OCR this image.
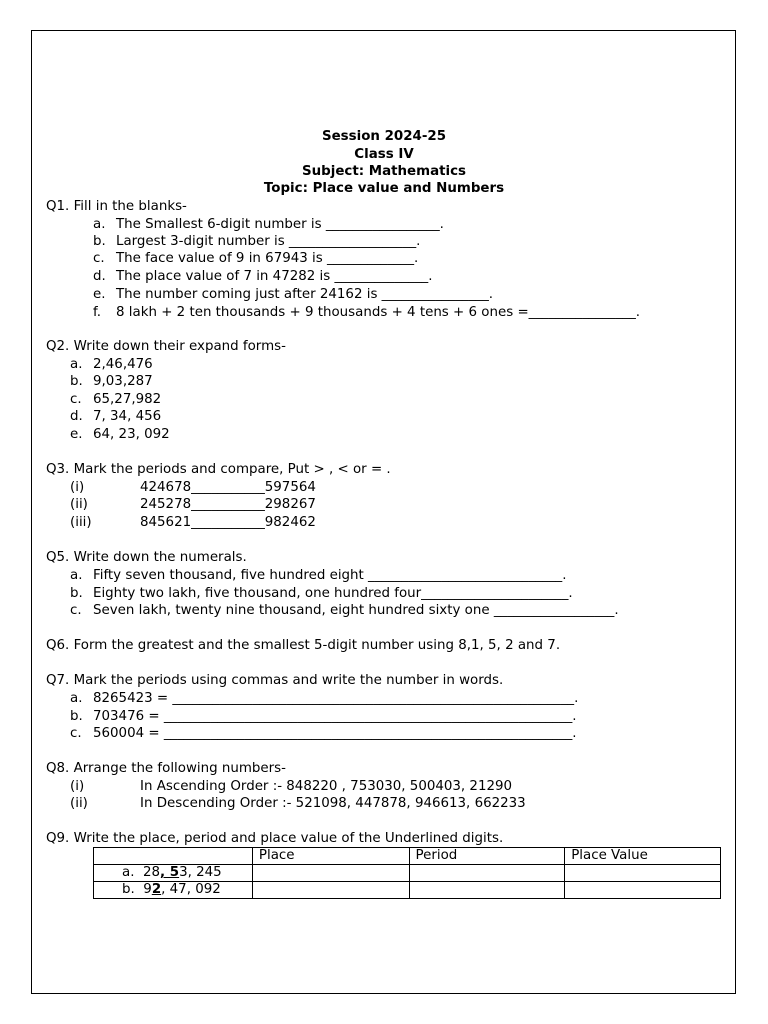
Session 2024-25
Class IV
Subject: Mathematics
Topic: Place value and Numbers
Q1. Fill in the blanks-
a. The Smallest 6-digit number is _________________.
b. Largest 3-digit number is ___________________.
c. The face value of 9 in 67943 is _____________.
d. The place value of 7 in 47282 is ______________.
e. The number coming just after 24162 is ________________.
f. 8 lakh + 2 ten thousands + 9 thousands + 4 tens + 6 ones =________________.
Q2. Write down their expand forms-
a. 2,46,476
b. 9,03,287
c. 65,27,982
d. 7, 34, 456
e. 64, 23, 092
Q3. Mark the periods and compare, Put > , < or = .
(i)	424678___________597564
(ii)	245278___________298267
(iii)	845621___________982462
Q5. Write down the numerals.
a. Fifty seven thousand, five hundred eight _____________________________.
b. Eighty two lakh, five thousand, one hundred four______________________.
c. Seven lakh, twenty nine thousand, eight hundred sixty one __________________.
Q6. Form the greatest and the smallest 5-digit number using 8,1, 5, 2 and 7.
Q7. Mark the periods using commas and write the number in words.
a. 8265423 = ____________________________________________________________.
b. 703476 = _____________________________________________________________.
c. 560004 = _____________________________________________________________.
Q8. Arrange the following numbers-
(i)	In Ascending Order :- 848220 , 753030, 500403, 21290
(ii)	In Descending Order :- 521098, 447878, 946613, 662233
Q9. Write the place, period and place value of the Underlined digits.
	Place	Period	Place Value
a. 28, 53, 245			
b. 92, 47, 092			
